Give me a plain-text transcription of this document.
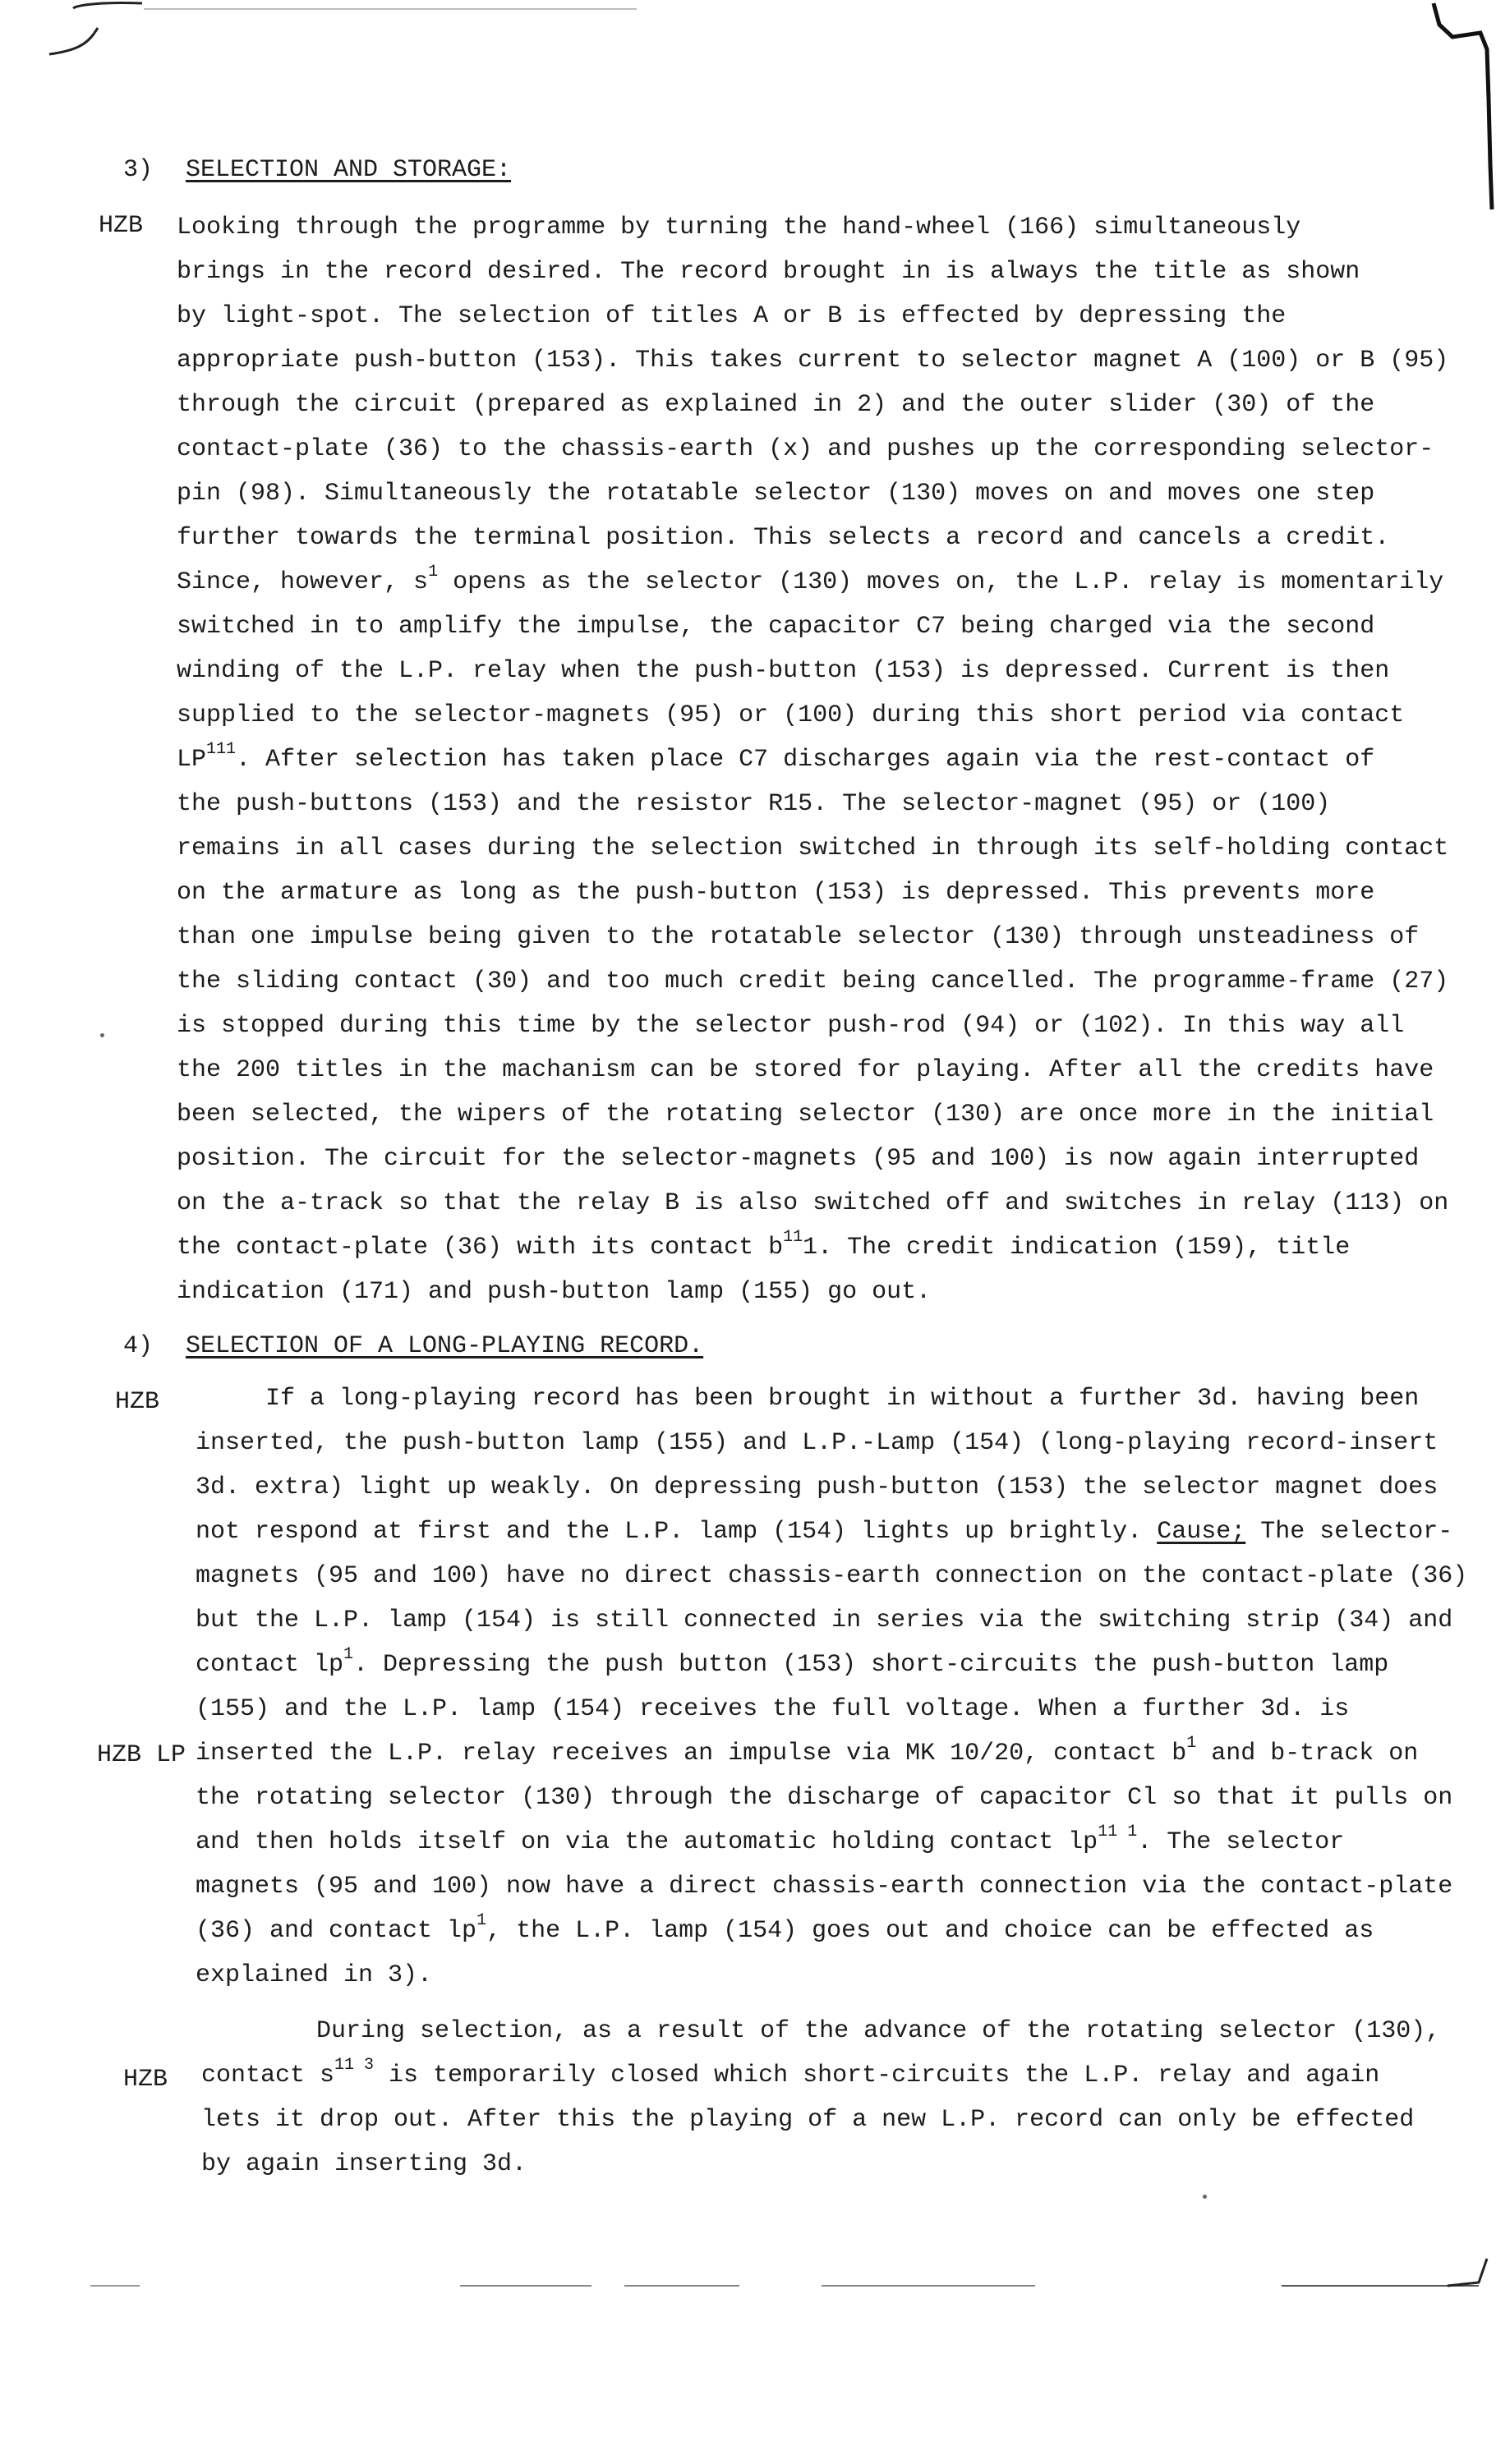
3) SELECTION AND STORAGE:
HZB	Looking through the programme by turning the hand-wheel (166) simultaneously
brings in the record desired. The record brought in is always the title as shown
by light-spot. The selection of titles A or B is effected by depressing the
appropriate push-button (153). This takes current to selector magnet A (100) or B (95)
through the circuit (prepared as explained in 2) and the outer slider (30) of the
contact-plate (36) to the chassis-earth (x) and pushes up the corresponding selector-
pin (98). Simultaneously the rotatable selector (130) moves on and moves one step
further towards the terminal position. This selects a record and cancels a credit.
Since, however, $s^1$ opens as the selector (130) moves on, the L.P. relay is momentarily
switched in to amplify the impulse, the capacitor C7 being charged via the second
winding of the L.P. relay when the push-button (153) is depressed. Current is then
supplied to the selector-magnets (95) or (100) during this short period via contact
LP$^{111}$. After selection has taken place C7 discharges again via the rest-contact of
the push-buttons (153) and the resistor R15. The selector-magnet (95) or (100)
remains in all cases during the selection switched in through its self-holding contact
on the armature as long as the push-button (153) is depressed. This prevents more
than one impulse being given to the rotatable selector (130) through unsteadiness of
the sliding contact (30) and too much credit being cancelled. The programme-frame (27)
is stopped during this time by the selector push-rod (94) or (102). In this way all
the 200 titles in the machanism can be stored for playing. After all the credits have
been selected, the wipers of the rotating selector (130) are once more in the initial
position. The circuit for the selector-magnets (95 and 100) is now again interrupted
on the a-track so that the relay B is also switched off and switches in relay (113) on
the contact-plate (36) with its contact $b^{11}1$. The credit indication (159), title
indication (171) and push-button lamp (155) go out.
4) SELECTION OF A LONG-PLAYING RECORD.
HZB
HZB LP
HZB
If a long-playing record has been brought in without a further 3d. having been
inserted, the push-button lamp (155) and L.P.-Lamp (154) (long-playing record-insert
3d. extra) light up weakly. On depressing push-button (153) the selector magnet does
not respond at first and the L.P. lamp (154) lights up brightly. Cause; The selector-
magnets (95 and 100) have no direct chassis-earth connection on the contact-plate (36)
but the L.P. lamp (154) is still connected in series via the switching strip (34) and
contact $lp^1$. Depressing the push button (153) short-circuits the push-button lamp
(155) and the L.P. lamp (154) receives the full voltage. When a further 3d. is
inserted the L.P. relay receives an impulse via MK 10/20, contact $b^1$ and b-track on
the rotating selector (130) through the discharge of capacitor Cl so that it pulls on
and then holds itself on via the automatic holding contact $lp^{11 1}$. The selector
magnets (95 and 100) now have a direct chassis-earth connection via the contact-plate
(36) and contact $lp^1$, the L.P. lamp (154) goes out and choice can be effected as
explained in 3).
During selection, as a result of the advance of the rotating selector (130),
contact $s^{11 3}$ is temporarily closed which short-circuits the L.P. relay and again
lets it drop out. After this the playing of a new L.P. record can only be effected
by again inserting 3d.
